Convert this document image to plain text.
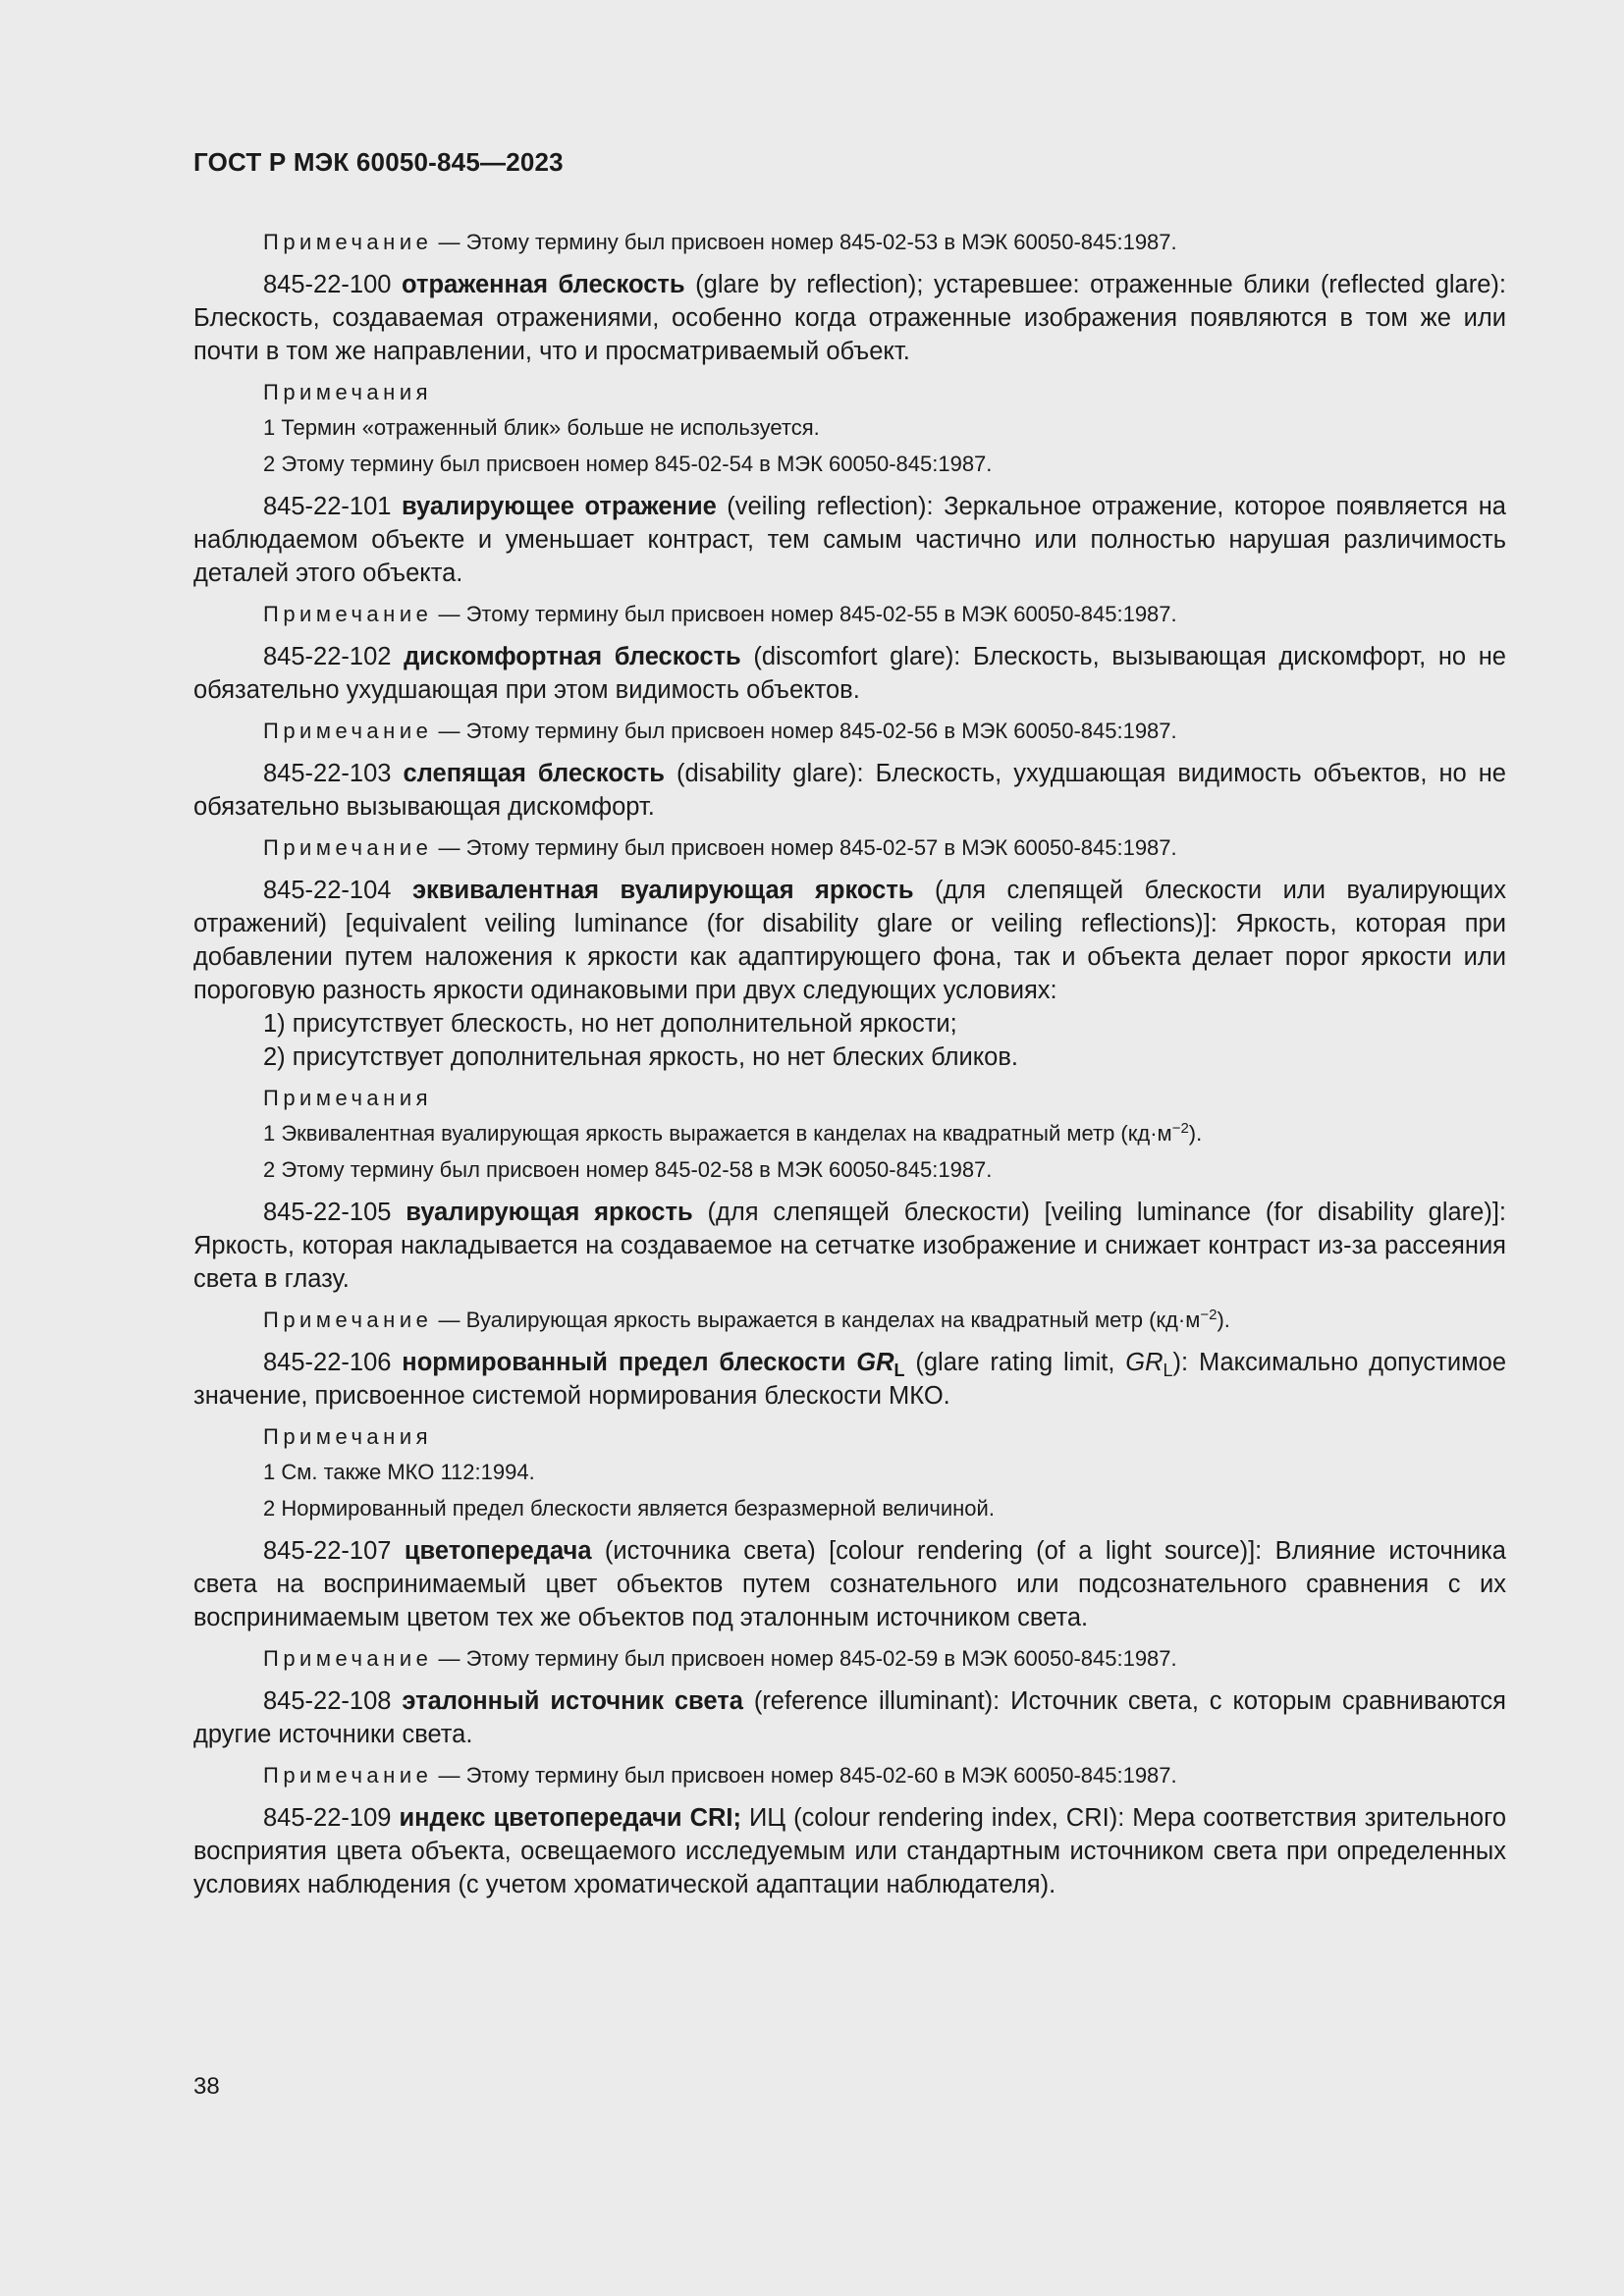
ГОСТ Р МЭК 60050-845—2023
Примечание — Этому термину был присвоен номер 845-02-53 в МЭК 60050-845:1987.

845-22-100 отраженная блескость (glare by reflection); устаревшее: отраженные блики (reflected glare): Блескость, создаваемая отражениями, особенно когда отраженные изображения появляются в том же или почти в том же направлении, что и просматриваемый объект.

Примечания
1 Термин «отраженный блик» больше не используется.
2 Этому термину был присвоен номер 845-02-54 в МЭК 60050-845:1987.

845-22-101 вуалирующее отражение (veiling reflection): Зеркальное отражение, которое появляется на наблюдаемом объекте и уменьшает контраст, тем самым частично или полностью нарушая различимость деталей этого объекта.

Примечание — Этому термину был присвоен номер 845-02-55 в МЭК 60050-845:1987.

845-22-102 дискомфортная блескость (discomfort glare): Блескость, вызывающая дискомфорт, но не обязательно ухудшающая при этом видимость объектов.

Примечание — Этому термину был присвоен номер 845-02-56 в МЭК 60050-845:1987.

845-22-103 слепящая блескость (disability glare): Блескость, ухудшающая видимость объектов, но не обязательно вызывающая дискомфорт.

Примечание — Этому термину был присвоен номер 845-02-57 в МЭК 60050-845:1987.

845-22-104 эквивалентная вуалирующая яркость (для слепящей блескости или вуалирующих отражений) [equivalent veiling luminance (for disability glare or veiling reflections)]: Яркость, которая при добавлении путем наложения к яркости как адаптирующего фона, так и объекта делает порог яркости или пороговую разность яркости одинаковыми при двух следующих условиях:

1) присутствует блескость, но нет дополнительной яркости;
2) присутствует дополнительная яркость, но нет блеских бликов.
Примечания
1 Эквивалентная вуалирующая яркость выражается в канделах на квадратный метр $(кд\cdot м^{-2})$.
2 Этому термину был присвоен номер 845-02-58 в МЭК 60050-845:1987.

845-22-105 вуалирующая яркость (для слепящей блескости) [veiling luminance (for disability glare)]: Яркость, которая накладывается на создаваемое на сетчатке изображение и снижает контраст из-за рассеяния света в глазу.

Примечание — Вуалирующая яркость выражается в канделах на квадратный метр $(кд\cdot м^{-2})$.

845-22-106 нормированный предел блескости $GR_L$ (glare rating limit, $GR_L$): Максимально допустимое значение, присвоенное системой нормирования блескости МКО.

Примечания
1 См. также МКО 112:1994.
2 Нормированный предел блескости является безразмерной величиной.

845-22-107 цветопередача (источника света) [colour rendering (of a light source)]: Влияние источника света на воспринимаемый цвет объектов путем сознательного или подсознательного сравнения с их воспринимаемым цветом тех же объектов под эталонным источником света.

Примечание — Этому термину был присвоен номер 845-02-59 в МЭК 60050-845:1987.

845-22-108 эталонный источник света (reference illuminant): Источник света, с которым сравниваются другие источники света.

Примечание — Этому термину был присвоен номер 845-02-60 в МЭК 60050-845:1987.

845-22-109 индекс цветопередачи CRI; ИЦ (colour rendering index, CRI): Мера соответствия зрительного восприятия цвета объекта, освещаемого исследуемым или стандартным источником света при определенных условиях наблюдения (с учетом хроматической адаптации наблюдателя).

38
